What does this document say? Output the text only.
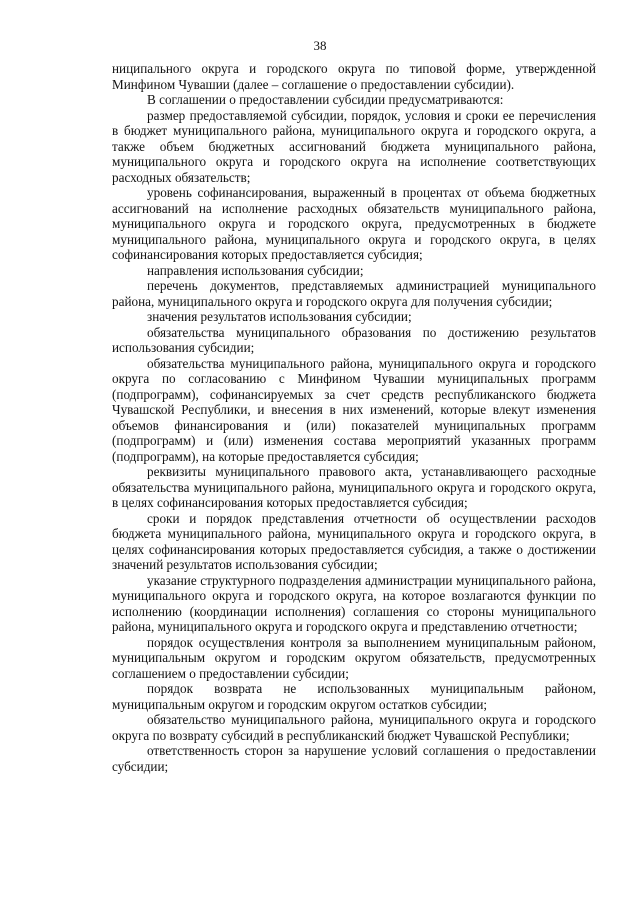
38

ниципального округа и городского округа по типовой форме, утвержденной Минфином Чувашии (далее – соглашение о предоставлении субсидии).

В соглашении о предоставлении субсидии предусматриваются:

размер предоставляемой субсидии, порядок, условия и сроки ее перечисления в бюджет муниципального района, муниципального округа и городского округа, а также объем бюджетных ассигнований бюджета муниципального района, муниципального округа и городского округа на исполнение соответствующих расходных обязательств;

уровень софинансирования, выраженный в процентах от объема бюджетных ассигнований на исполнение расходных обязательств муниципального района, муниципального округа и городского округа, предусмотренных в бюджете муниципального района, муниципального округа и городского округа, в целях софинансирования которых предоставляется субсидия;

направления использования субсидии;

перечень документов, представляемых администрацией муниципального района, муниципального округа и городского округа для получения субсидии;

значения результатов использования субсидии;

обязательства муниципального образования по достижению результатов использования субсидии;

обязательства муниципального района, муниципального округа и городского округа по согласованию с Минфином Чувашии муниципальных программ (подпрограмм), софинансируемых за счет средств республиканского бюджета Чувашской Республики, и внесения в них изменений, которые влекут изменения объемов финансирования и (или) показателей муниципальных программ (подпрограмм) и (или) изменения состава мероприятий указанных программ (подпрограмм), на которые предоставляется субсидия;

реквизиты муниципального правового акта, устанавливающего расходные обязательства муниципального района, муниципального округа и городского округа, в целях софинансирования которых предоставляется субсидия;

сроки и порядок представления отчетности об осуществлении расходов бюджета муниципального района, муниципального округа и городского округа, в целях софинансирования которых предоставляется субсидия, а также о достижении значений результатов использования субсидии;

указание структурного подразделения администрации муниципального района, муниципального округа и городского округа, на которое возлагаются функции по исполнению (координации исполнения) соглашения со стороны муниципального района, муниципального округа и городского округа и представлению отчетности;

порядок осуществления контроля за выполнением муниципальным районом, муниципальным округом и городским округом обязательств, предусмотренных соглашением о предоставлении субсидии;

порядок возврата не использованных муниципальным районом, муниципальным округом и городским округом остатков субсидии;

обязательство муниципального района, муниципального округа и городского округа по возврату субсидий в республиканский бюджет Чувашской Республики;

ответственность сторон за нарушение условий соглашения о предоставлении субсидии;
